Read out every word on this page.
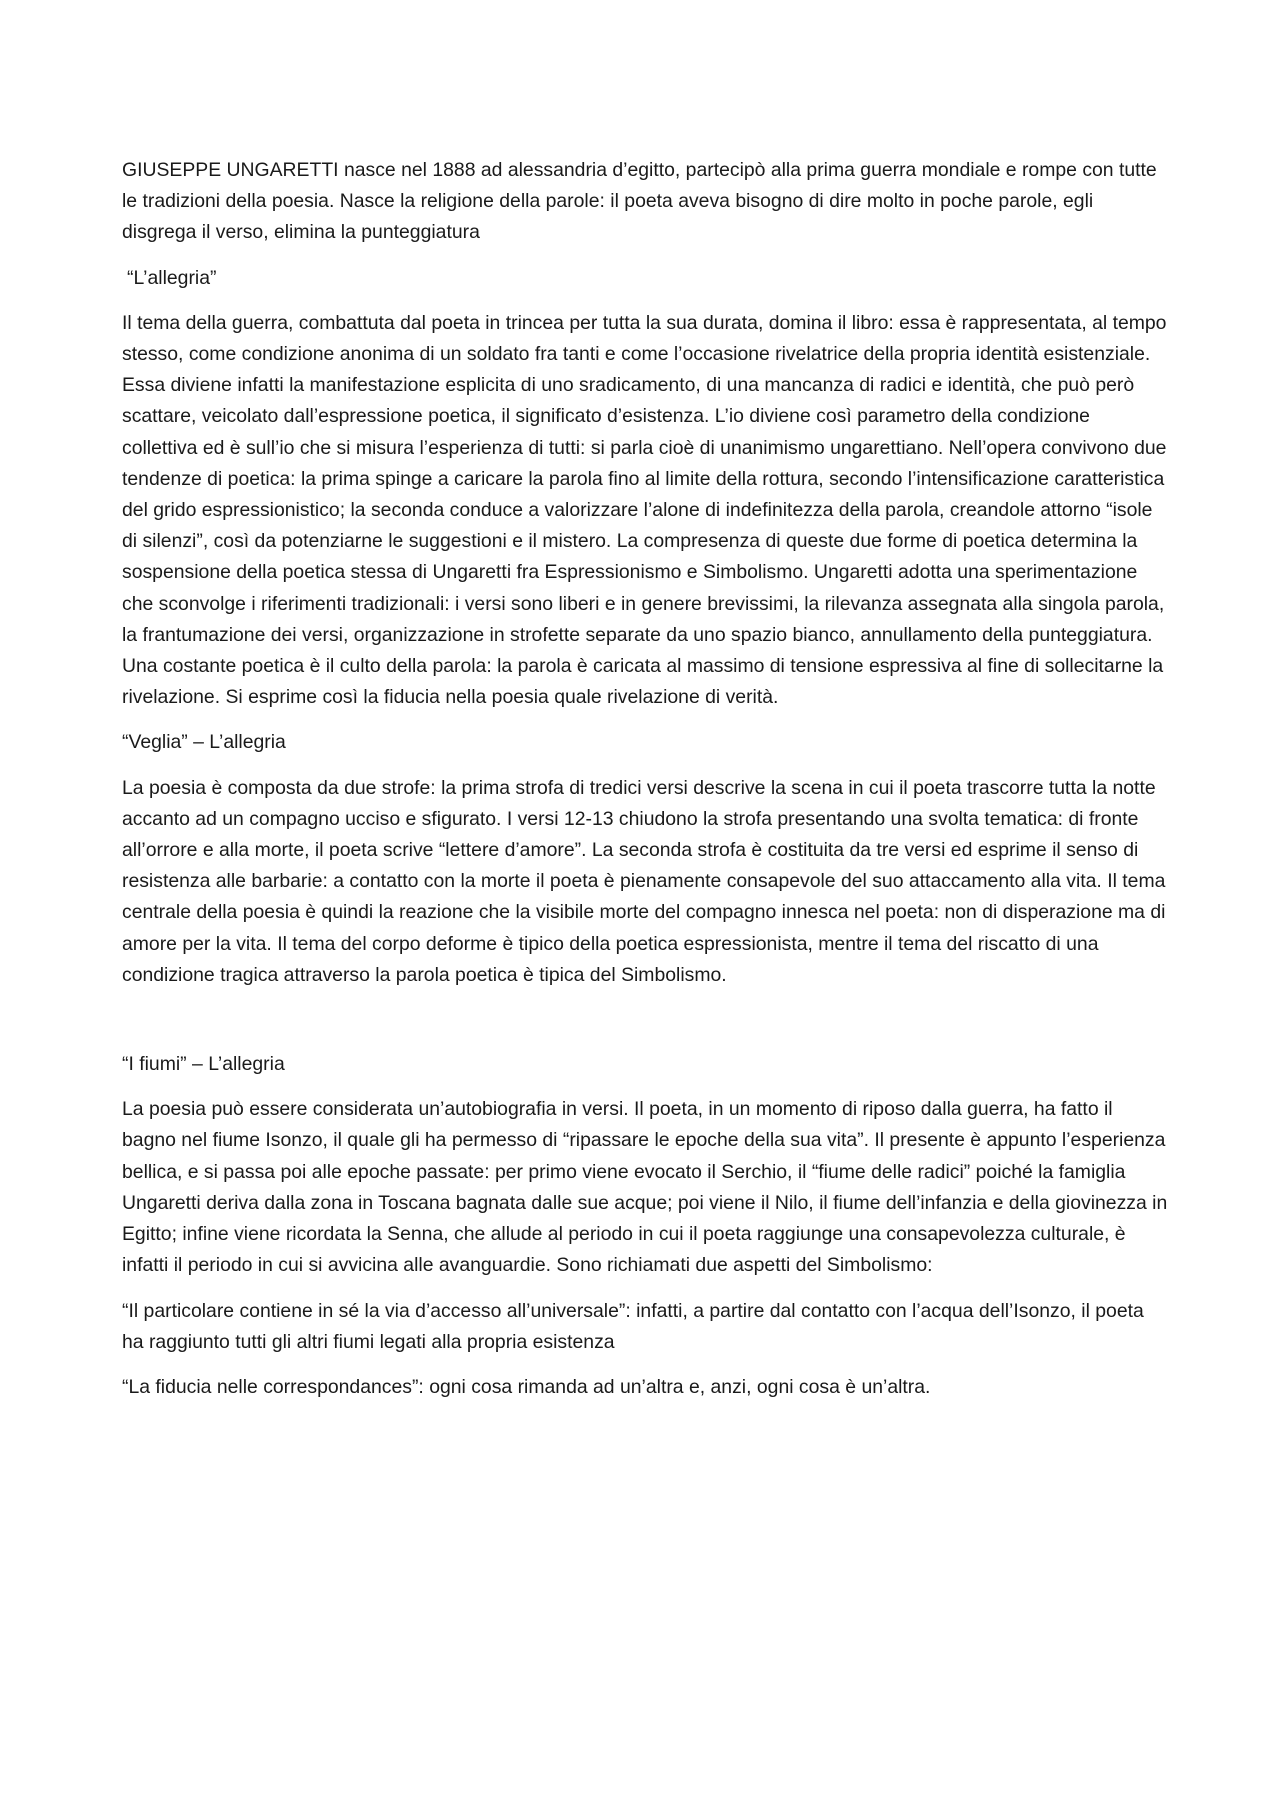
GIUSEPPE UNGARETTI nasce nel 1888 ad alessandria d’egitto, partecipò alla prima guerra mondiale e rompe con tutte le tradizioni della poesia. Nasce la religione della parole: il poeta aveva bisogno di dire molto in poche parole, egli disgrega il verso, elimina la punteggiatura

“L’allegria”

Il tema della guerra, combattuta dal poeta in trincea per tutta la sua durata, domina il libro: essa è rappresentata, al tempo stesso, come condizione anonima di un soldato fra tanti e come l’occasione rivelatrice della propria identità esistenziale. Essa diviene infatti la manifestazione esplicita di uno sradicamento, di una mancanza di radici e identità, che può però scattare, veicolato dall’espressione poetica, il significato d’esistenza. L’io diviene così parametro della condizione collettiva ed è sull’io che si misura l’esperienza di tutti: si parla cioè di unanimismo ungarettiano. Nell’opera convivono due tendenze di poetica: la prima spinge a caricare la parola fino al limite della rottura, secondo l’intensificazione caratteristica del grido espressionistico; la seconda conduce a valorizzare l’alone di indefinitezza della parola, creandole attorno “isole di silenzi”, così da potenziarne le suggestioni e il mistero. La compresenza di queste due forme di poetica determina la sospensione della poetica stessa di Ungaretti fra Espressionismo e Simbolismo. Ungaretti adotta una sperimentazione che sconvolge i riferimenti tradizionali: i versi sono liberi e in genere brevissimi, la rilevanza assegnata alla singola parola, la frantumazione dei versi, organizzazione in strofette separate da uno spazio bianco, annullamento della punteggiatura. Una costante poetica è il culto della parola: la parola è caricata al massimo di tensione espressiva al fine di sollecitarne la rivelazione. Si esprime così la fiducia nella poesia quale rivelazione di verità.

“Veglia” – L’allegria

La poesia è composta da due strofe: la prima strofa di tredici versi descrive la scena in cui il poeta trascorre tutta la notte accanto ad un compagno ucciso e sfigurato. I versi 12-13 chiudono la strofa presentando una svolta tematica: di fronte all’orrore e alla morte, il poeta scrive “lettere d’amore”. La seconda strofa è costituita da tre versi ed esprime il senso di resistenza alle barbarie: a contatto con la morte il poeta è pienamente consapevole del suo attaccamento alla vita. Il tema centrale della poesia è quindi la reazione che la visibile morte del compagno innesca nel poeta: non di disperazione ma di amore per la vita. Il tema del corpo deforme è tipico della poetica espressionista, mentre il tema del riscatto di una condizione tragica attraverso la parola poetica è tipica del Simbolismo.

“I fiumi” – L’allegria

La poesia può essere considerata un’autobiografia in versi. Il poeta, in un momento di riposo dalla guerra, ha fatto il bagno nel fiume Isonzo, il quale gli ha permesso di “ripassare le epoche della sua vita”. Il presente è appunto l’esperienza bellica, e si passa poi alle epoche passate: per primo viene evocato il Serchio, il “fiume delle radici” poiché la famiglia Ungaretti deriva dalla zona in Toscana bagnata dalle sue acque; poi viene il Nilo, il fiume dell’infanzia e della giovinezza in Egitto; infine viene ricordata la Senna, che allude al periodo in cui il poeta raggiunge una consapevolezza culturale, è infatti il periodo in cui si avvicina alle avanguardie. Sono richiamati due aspetti del Simbolismo:

“Il particolare contiene in sé la via d’accesso all’universale”: infatti, a partire dal contatto con l’acqua dell’Isonzo, il poeta ha raggiunto tutti gli altri fiumi legati alla propria esistenza

“La fiducia nelle correspondances”: ogni cosa rimanda ad un’altra e, anzi, ogni cosa è un’altra.
